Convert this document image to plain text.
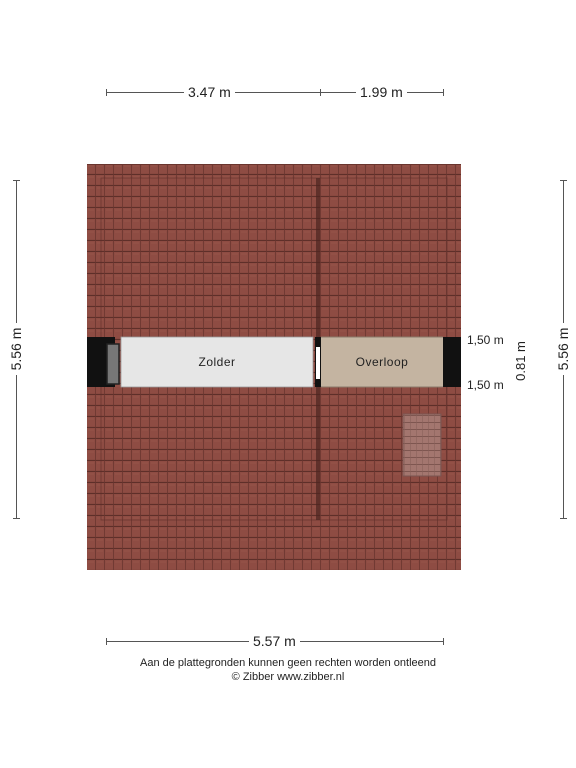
3.47 m	1.99 m
5.57 m
5.56 m	5.56 m
0.81 m
1,50 m
1,50 m
Zolder	Overloop
Aan de plattegronden kunnen geen rechten worden ontleend
© Zibber www.zibber.nl
